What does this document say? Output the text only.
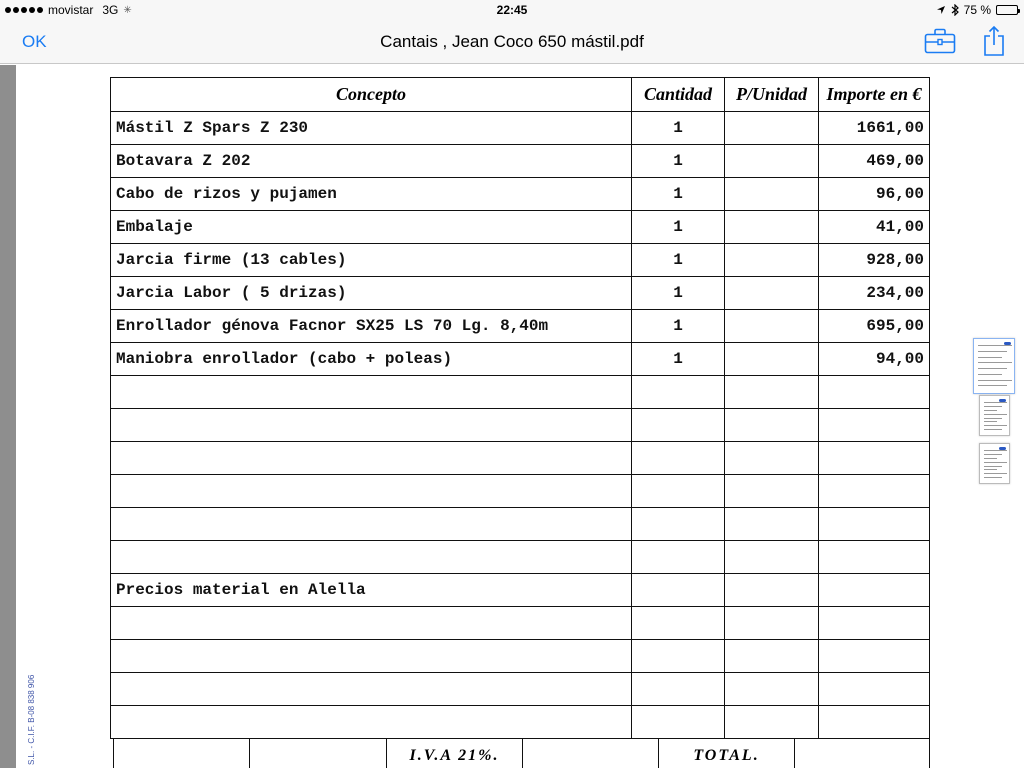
movistar 3G ✳	22:45	75 %
OK	Cantais , Jean Coco 650 mástil.pdf
S.L. - C.I.F. B-08 838 906
Concepto	Cantidad	P/Unidad	Importe en €
Mástil Z Spars Z 230	1		1661,00
Botavara Z 202	1		469,00
Cabo de rizos y pujamen	1		96,00
Embalaje	1		41,00
Jarcia firme (13 cables)	1		928,00
Jarcia Labor ( 5 drizas)	1		234,00
Enrollador génova Facnor SX25 LS 70 Lg. 8,40m	1		695,00
Maniobra enrollador (cabo + poleas)	1		94,00

Precios material en Alella			

I.V.A 21%.	TOTAL.
